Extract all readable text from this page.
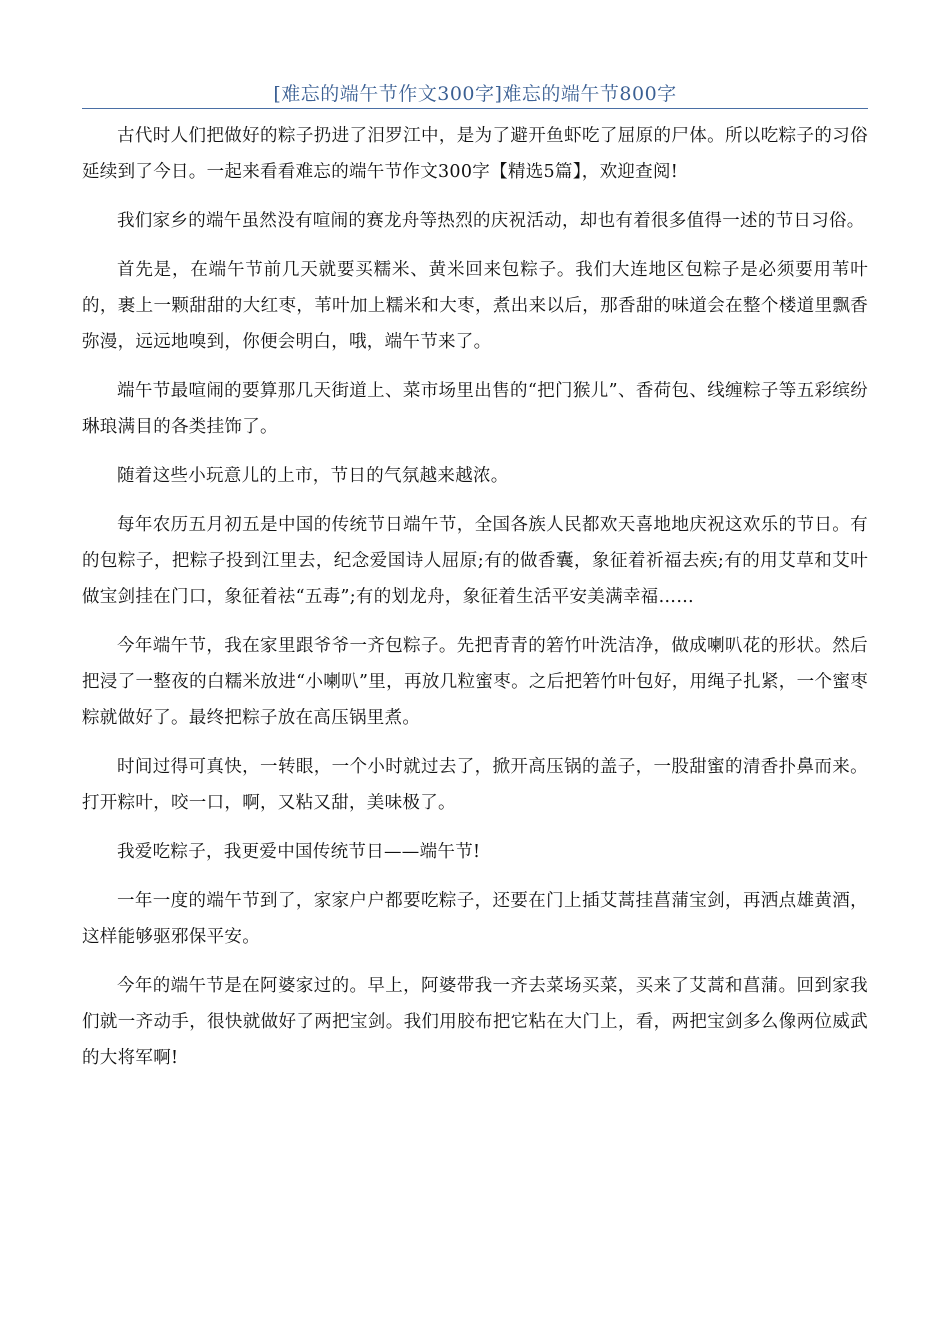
[难忘的端午节作文300字]难忘的端午节800字

古代时人们把做好的粽子扔进了汨罗江中，是为了避开鱼虾吃了屈原的尸体。所以吃粽子的习俗延续到了今日。一起来看看难忘的端午节作文300字【精选5篇】，欢迎查阅!

我们家乡的端午虽然没有喧闹的赛龙舟等热烈的庆祝活动，却也有着很多值得一述的节日习俗。

首先是，在端午节前几天就要买糯米、黄米回来包粽子。我们大连地区包粽子是必须要用苇叶的，裹上一颗甜甜的大红枣，苇叶加上糯米和大枣，煮出来以后，那香甜的味道会在整个楼道里飘香弥漫，远远地嗅到，你便会明白，哦，端午节来了。

端午节最喧闹的要算那几天街道上、菜市场里出售的“把门猴儿”、香荷包、线缠粽子等五彩缤纷琳琅满目的各类挂饰了。

随着这些小玩意儿的上市，节日的气氛越来越浓。

每年农历五月初五是中国的传统节日端午节，全国各族人民都欢天喜地地庆祝这欢乐的节日。有的包粽子，把粽子投到江里去，纪念爱国诗人屈原;有的做香囊，象征着祈福去疾;有的用艾草和艾叶做宝剑挂在门口，象征着祛“五毒”;有的划龙舟，象征着生活平安美满幸福……

今年端午节，我在家里跟爷爷一齐包粽子。先把青青的箬竹叶洗洁净，做成喇叭花的形状。然后把浸了一整夜的白糯米放进“小喇叭”里，再放几粒蜜枣。之后把箬竹叶包好，用绳子扎紧，一个蜜枣粽就做好了。最终把粽子放在高压锅里煮。

时间过得可真快，一转眼，一个小时就过去了，掀开高压锅的盖子，一股甜蜜的清香扑鼻而来。打开粽叶，咬一口，啊，又粘又甜，美味极了。

我爱吃粽子，我更爱中国传统节日——端午节!

一年一度的端午节到了，家家户户都要吃粽子，还要在门上插艾蒿挂菖蒲宝剑，再洒点雄黄酒，这样能够驱邪保平安。

今年的端午节是在阿婆家过的。早上，阿婆带我一齐去菜场买菜，买来了艾蒿和菖蒲。回到家我们就一齐动手，很快就做好了两把宝剑。我们用胶布把它粘在大门上，看，两把宝剑多么像两位威武的大将军啊!
